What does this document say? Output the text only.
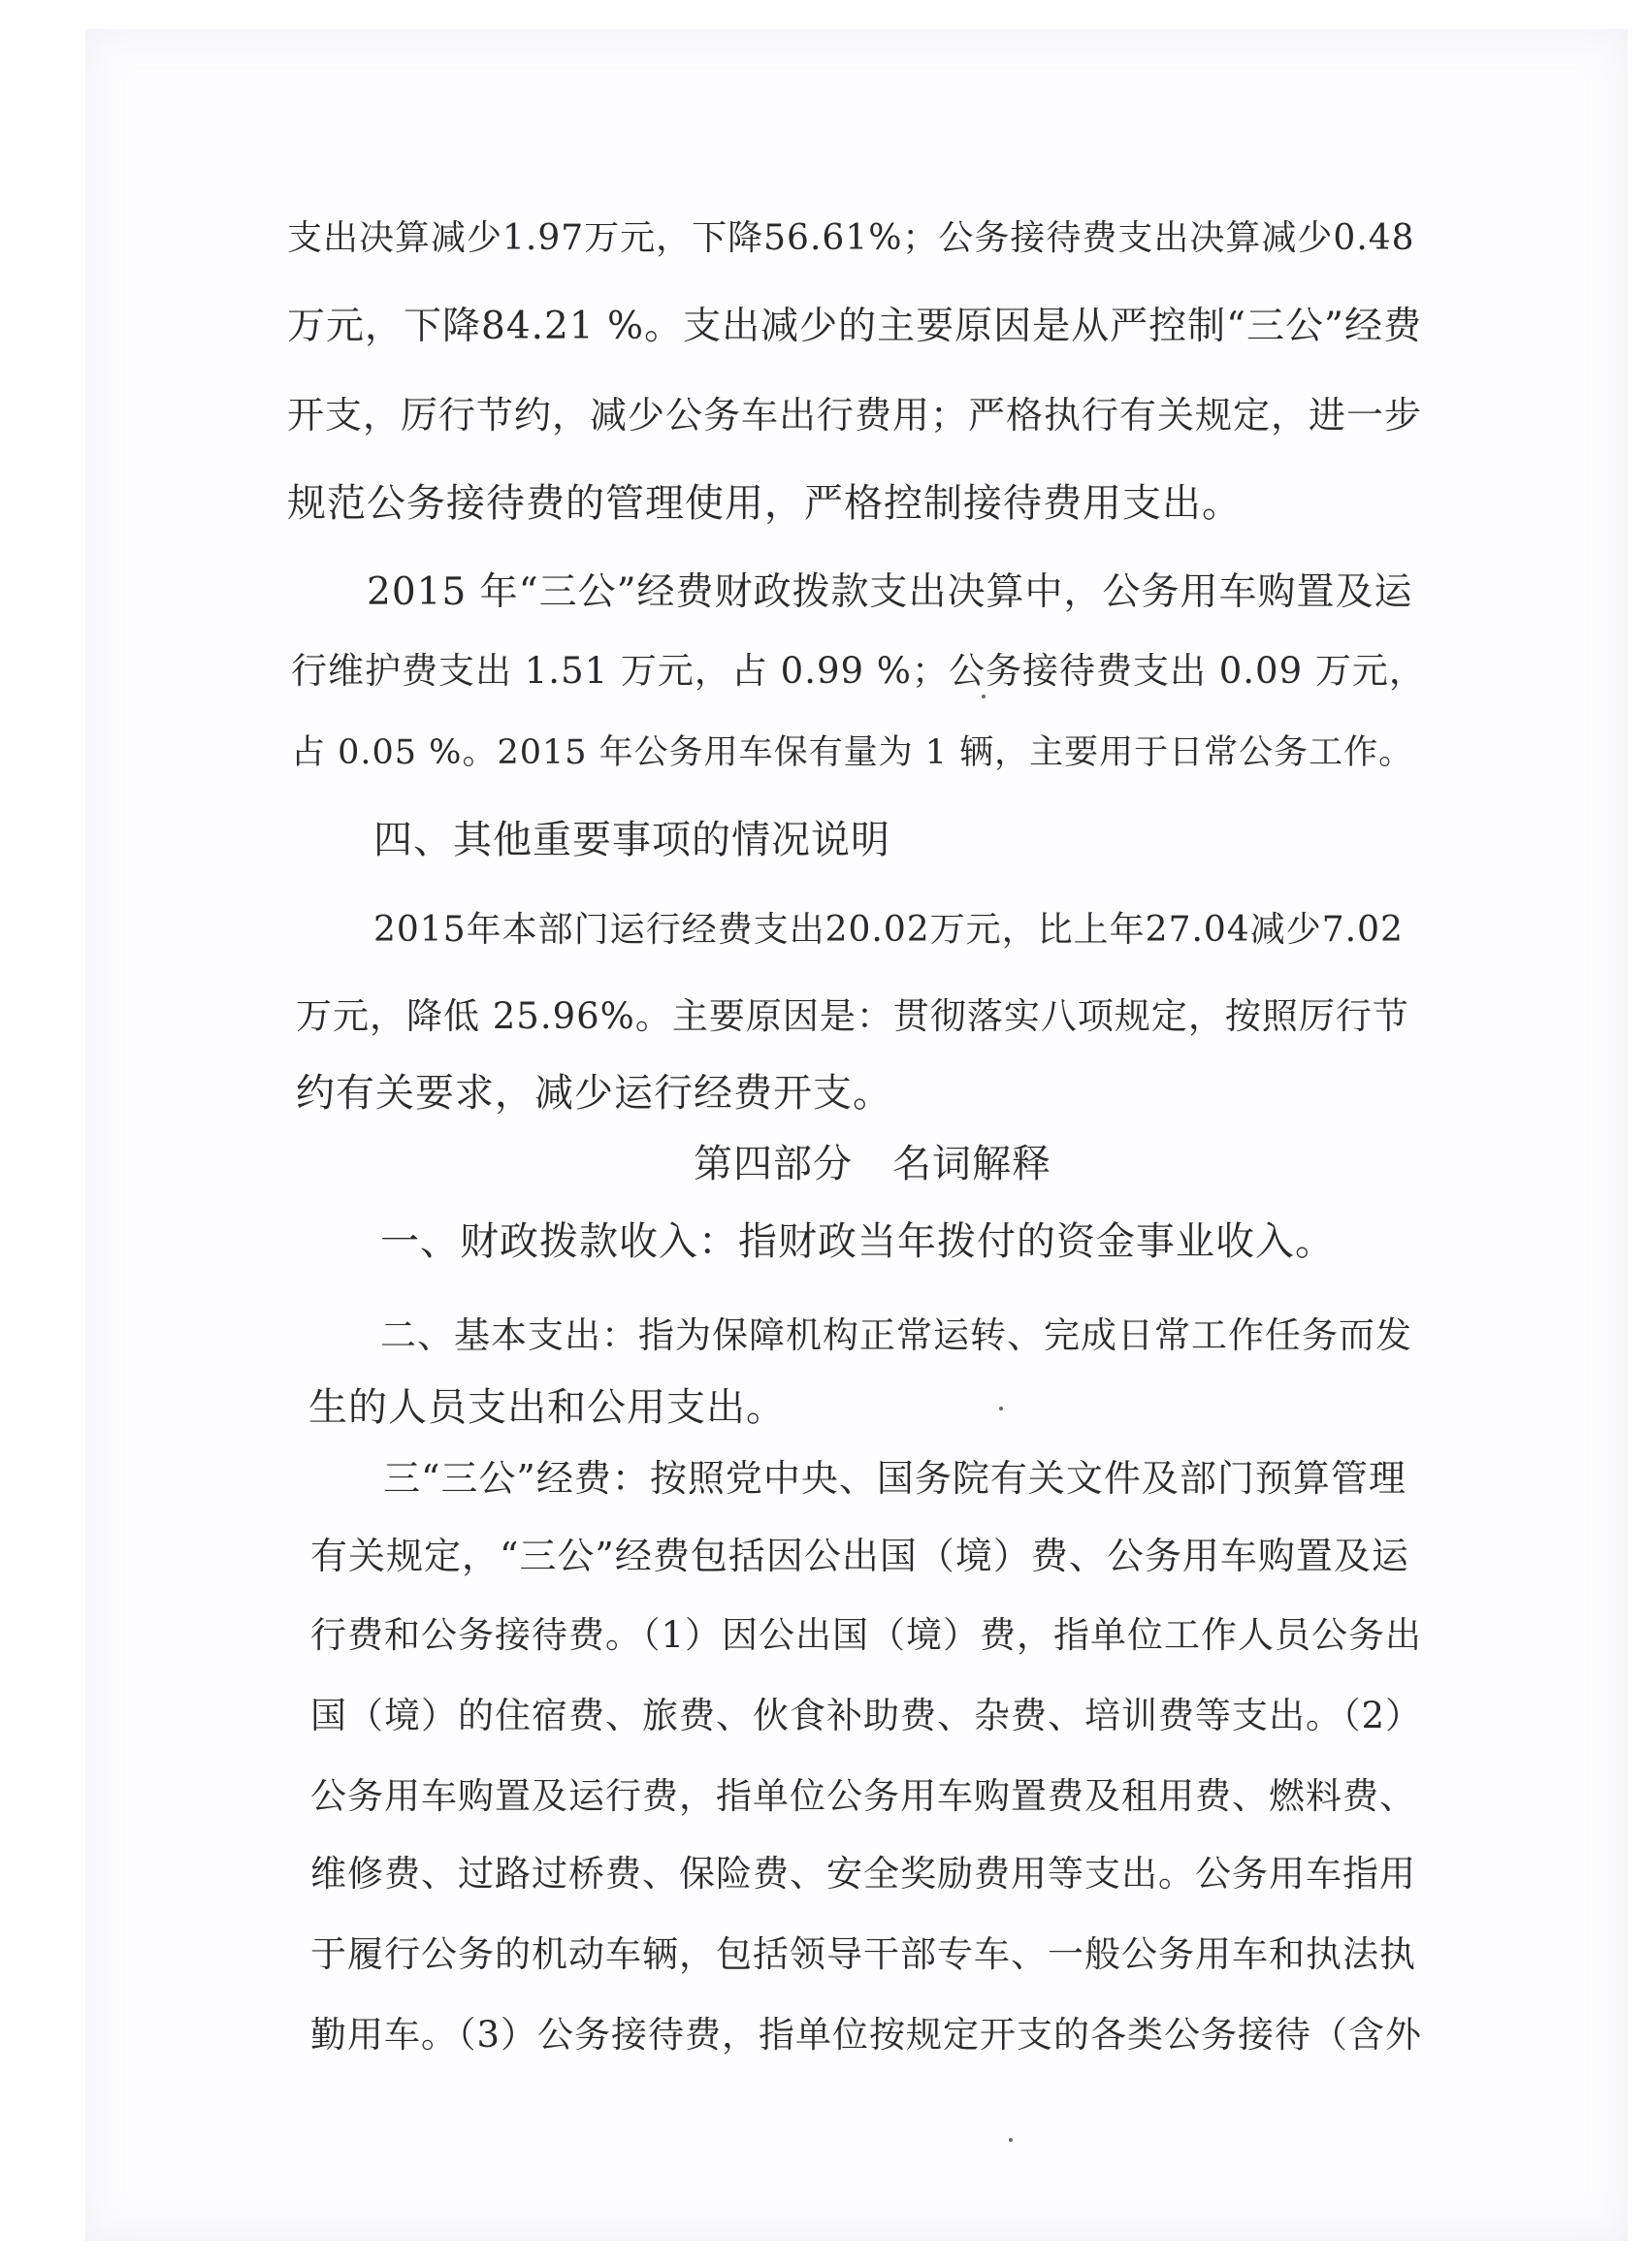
支出决算减少1.97万元，下降56.61%；公务接待费支出决算减少0.48
万元，下降84.21 %。支出减少的主要原因是从严控制“三公”经费
开支，厉行节约，减少公务车出行费用；严格执行有关规定，进一步
规范公务接待费的管理使用，严格控制接待费用支出。
2015 年“三公”经费财政拨款支出决算中，公务用车购置及运
行维护费支出 1.51 万元，占 0.99 %；公务接待费支出 0.09 万元，
占 0.05 %。2015 年公务用车保有量为 1 辆，主要用于日常公务工作。
四、其他重要事项的情况说明
2015年本部门运行经费支出20.02万元，比上年27.04减少7.02
万元，降低 25.96%。主要原因是：贯彻落实八项规定，按照厉行节
约有关要求，减少运行经费开支。
第四部分　名词解释
一、财政拨款收入：指财政当年拨付的资金事业收入。
二、基本支出：指为保障机构正常运转、完成日常工作任务而发
生的人员支出和公用支出。
三“三公”经费：按照党中央、国务院有关文件及部门预算管理
有关规定，“三公”经费包括因公出国（境）费、公务用车购置及运
行费和公务接待费。（1）因公出国（境）费，指单位工作人员公务出
国（境）的住宿费、旅费、伙食补助费、杂费、培训费等支出。（2）
公务用车购置及运行费，指单位公务用车购置费及租用费、燃料费、
维修费、过路过桥费、保险费、安全奖励费用等支出。公务用车指用
于履行公务的机动车辆，包括领导干部专车、一般公务用车和执法执
勤用车。（3）公务接待费，指单位按规定开支的各类公务接待（含外
